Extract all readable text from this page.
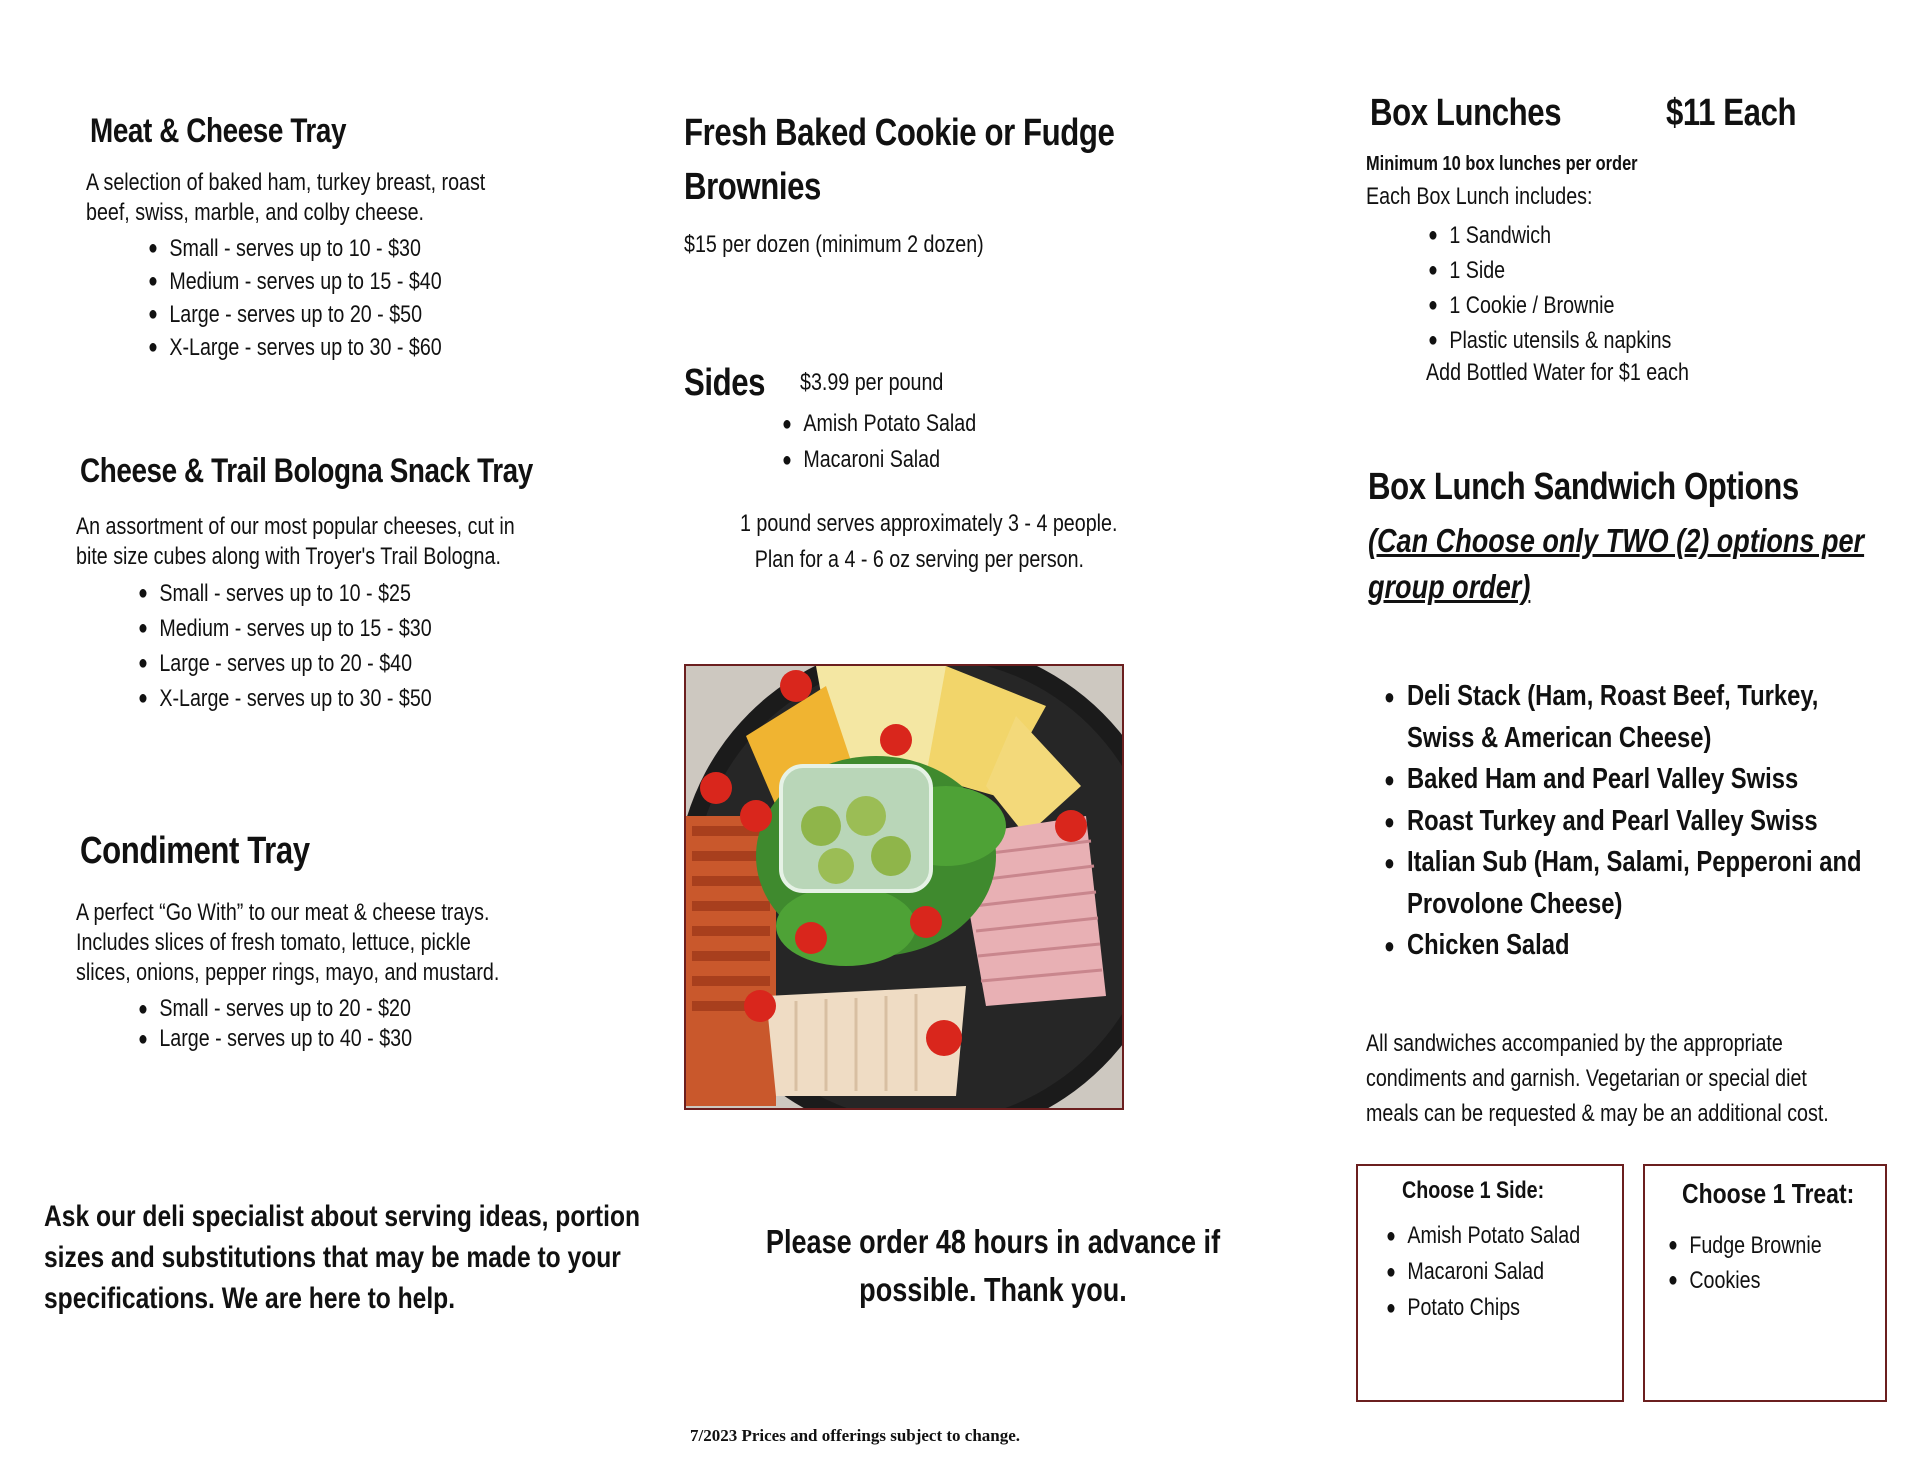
Meat & Cheese Tray
A selection of baked ham, turkey breast, roast
beef, swiss, marble, and colby cheese.
● Small - serves up to 10 - $30
● Medium - serves up to 15 - $40
● Large - serves up to 20 - $50
● X-Large - serves up to 30 - $60
Cheese & Trail Bologna Snack Tray
An assortment of our most popular cheeses, cut in
bite size cubes along with Troyer's Trail Bologna.
● Small - serves up to 10 - $25
● Medium - serves up to 15 - $30
● Large - serves up to 20 - $40
● X-Large - serves up to 30 - $50
Condiment Tray
A perfect “Go With” to our meat & cheese trays.
Includes slices of fresh tomato, lettuce, pickle
slices, onions, pepper rings, mayo, and mustard.
● Small - serves up to 20 - $20
● Large - serves up to 40 - $30
Ask our deli specialist about serving ideas, portion
sizes and substitutions that may be made to your
specifications. We are here to help.
Fresh Baked Cookie or Fudge
Brownies
$15 per dozen (minimum 2 dozen)
Sides $3.99 per pound
● Amish Potato Salad
● Macaroni Salad
1 pound serves approximately 3 - 4 people.
Plan for a 4 - 6 oz serving per person.
Please order 48 hours in advance if
possible. Thank you.
7/2023 Prices and offerings subject to change.
Box Lunches	$11 Each
Minimum 10 box lunches per order
Each Box Lunch includes:
● 1 Sandwich
● 1 Side
● 1 Cookie / Brownie
● Plastic utensils & napkins
Add Bottled Water for $1 each
Box Lunch Sandwich Options
(Can Choose only TWO (2) options per
group order)
● Deli Stack (Ham, Roast Beef, Turkey,
Swiss & American Cheese)
● Baked Ham and Pearl Valley Swiss
● Roast Turkey and Pearl Valley Swiss
● Italian Sub (Ham, Salami, Pepperoni and
Provolone Cheese)
● Chicken Salad
All sandwiches accompanied by the appropriate
condiments and garnish. Vegetarian or special diet
meals can be requested & may be an additional cost.
Choose 1 Side:
● Amish Potato Salad
● Macaroni Salad
● Potato Chips
Choose 1 Treat:
● Fudge Brownie
● Cookies
